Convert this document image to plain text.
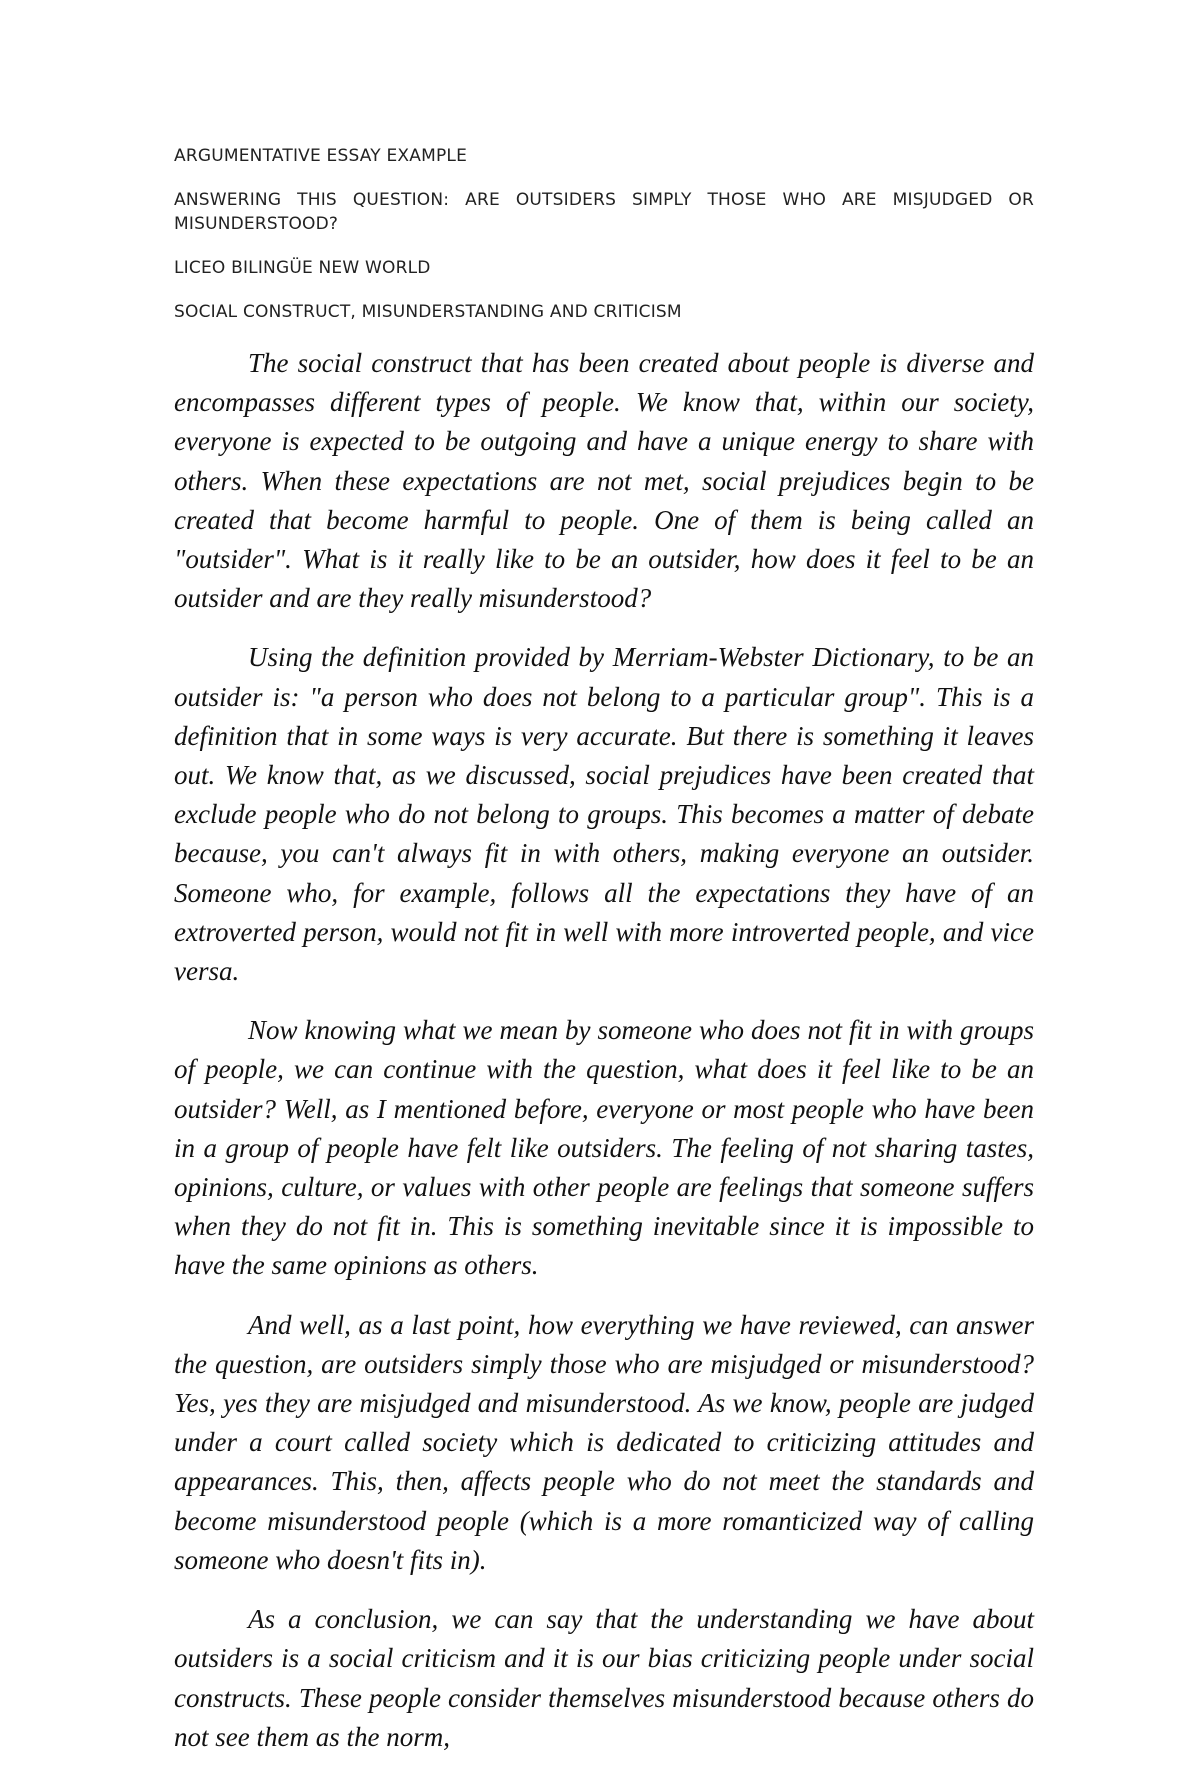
ARGUMENTATIVE ESSAY EXAMPLE

ANSWERING THIS QUESTION: ARE OUTSIDERS SIMPLY THOSE WHO ARE MISJUDGED OR MISUNDERSTOOD?

LICEO BILINGÜE NEW WORLD

SOCIAL CONSTRUCT, MISUNDERSTANDING AND CRITICISM

The social construct that has been created about people is diverse and encompasses different types of people. We know that, within our society, everyone is expected to be outgoing and have a unique energy to share with others. When these expectations are not met, social prejudices begin to be created that become harmful to people. One of them is being called an "outsider". What is it really like to be an outsider, how does it feel to be an outsider and are they really misunderstood?

Using the definition provided by Merriam-Webster Dictionary, to be an outsider is: "a person who does not belong to a particular group". This is a definition that in some ways is very accurate. But there is something it leaves out. We know that, as we discussed, social prejudices have been created that exclude people who do not belong to groups. This becomes a matter of debate because, you can't always fit in with others, making everyone an outsider. Someone who, for example, follows all the expectations they have of an extroverted person, would not fit in well with more introverted people, and vice versa.

Now knowing what we mean by someone who does not fit in with groups of people, we can continue with the question, what does it feel like to be an outsider? Well, as I mentioned before, everyone or most people who have been in a group of people have felt like outsiders. The feeling of not sharing tastes, opinions, culture, or values with other people are feelings that someone suffers when they do not fit in. This is something inevitable since it is impossible to have the same opinions as others.

And well, as a last point, how everything we have reviewed, can answer the question, are outsiders simply those who are misjudged or misunderstood? Yes, yes they are misjudged and misunderstood. As we know, people are judged under a court called society which is dedicated to criticizing attitudes and appearances. This, then, affects people who do not meet the standards and become misunderstood people (which is a more romanticized way of calling someone who doesn't fits in).

As a conclusion, we can say that the understanding we have about outsiders is a social criticism and it is our bias criticizing people under social constructs. These people consider themselves misunderstood because others do not see them as the norm,
